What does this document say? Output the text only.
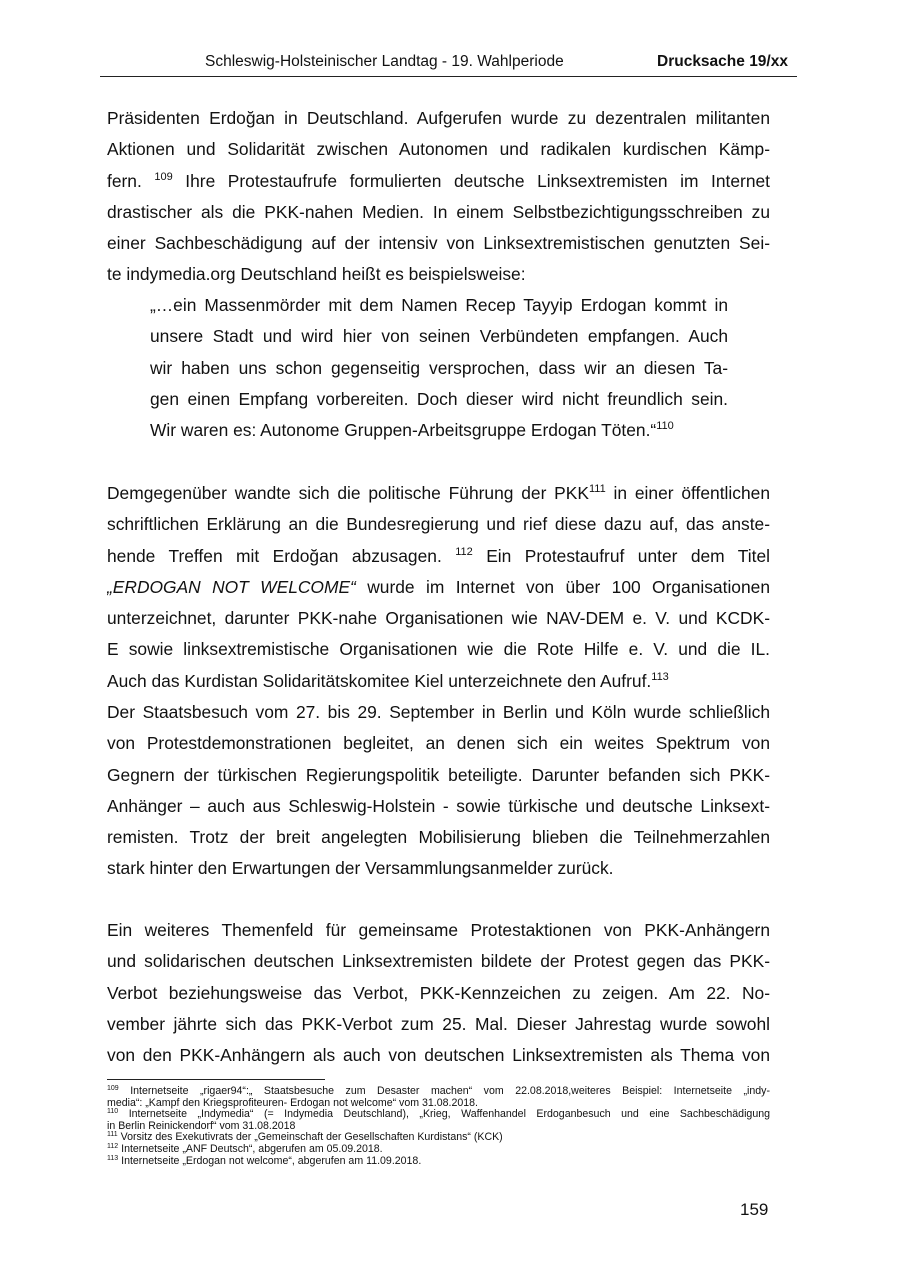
Schleswig-Holsteinischer Landtag - 19. Wahlperiode	Drucksache 19/xx
Präsidenten Erdoğan in Deutschland. Aufgerufen wurde zu dezentralen militanten
Aktionen und Solidarität zwischen Autonomen und radikalen kurdischen Kämp-
fern. $^{109}$ Ihre Protestaufrufe formulierten deutsche Linksextremisten im Internet
drastischer als die PKK-nahen Medien. In einem Selbstbezichtigungsschreiben zu
einer Sachbeschädigung auf der intensiv von Linksextremistischen genutzten Sei-
te indymedia.org Deutschland heißt es beispielsweise:
„…ein Massenmörder mit dem Namen Recep Tayyip Erdogan kommt in
unsere Stadt und wird hier von seinen Verbündeten empfangen. Auch
wir haben uns schon gegenseitig versprochen, dass wir an diesen Ta-
gen einen Empfang vorbereiten. Doch dieser wird nicht freundlich sein.
Wir waren es: Autonome Gruppen-Arbeitsgruppe Erdogan Töten.“$^{110}$
Demgegenüber wandte sich die politische Führung der PKK$^{111}$ in einer öffentlichen
schriftlichen Erklärung an die Bundesregierung und rief diese dazu auf, das anste-
hende Treffen mit Erdoğan abzusagen. $^{112}$ Ein Protestaufruf unter dem Titel
„ERDOGAN NOT WELCOME“ wurde im Internet von über 100 Organisationen
unterzeichnet, darunter PKK-nahe Organisationen wie NAV-DEM e. V. und KCDK-
E sowie linksextremistische Organisationen wie die Rote Hilfe e. V. und die IL.
Auch das Kurdistan Solidaritätskomitee Kiel unterzeichnete den Aufruf.$^{113}$
Der Staatsbesuch vom 27. bis 29. September in Berlin und Köln wurde schließlich
von Protestdemonstrationen begleitet, an denen sich ein weites Spektrum von
Gegnern der türkischen Regierungspolitik beteiligte. Darunter befanden sich PKK-
Anhänger – auch aus Schleswig-Holstein - sowie türkische und deutsche Linksext-
remisten. Trotz der breit angelegten Mobilisierung blieben die Teilnehmerzahlen
stark hinter den Erwartungen der Versammlungsanmelder zurück.
Ein weiteres Themenfeld für gemeinsame Protestaktionen von PKK-Anhängern
und solidarischen deutschen Linksextremisten bildete der Protest gegen das PKK-
Verbot beziehungsweise das Verbot, PKK-Kennzeichen zu zeigen. Am 22. No-
vember jährte sich das PKK-Verbot zum 25. Mal. Dieser Jahrestag wurde sowohl
von den PKK-Anhängern als auch von deutschen Linksextremisten als Thema von
$^{109}$ Internetseite „rigaer94“:„ Staatsbesuche zum Desaster machen“ vom 22.08.2018,weiteres Beispiel: Internetseite „indy-
media“: „Kampf den Kriegsprofiteuren- Erdogan not welcome“ vom 31.08.2018.
$^{110}$ Internetseite „Indymedia“ (= Indymedia Deutschland), „Krieg, Waffenhandel Erdoganbesuch und eine Sachbeschädigung
in Berlin Reinickendorf“ vom 31.08.2018
$^{111}$ Vorsitz des Exekutivrats der „Gemeinschaft der Gesellschaften Kurdistans“ (KCK)
$^{112}$ Internetseite „ANF Deutsch“, abgerufen am 05.09.2018.
$^{113}$ Internetseite „Erdogan not welcome“, abgerufen am 11.09.2018.
159
